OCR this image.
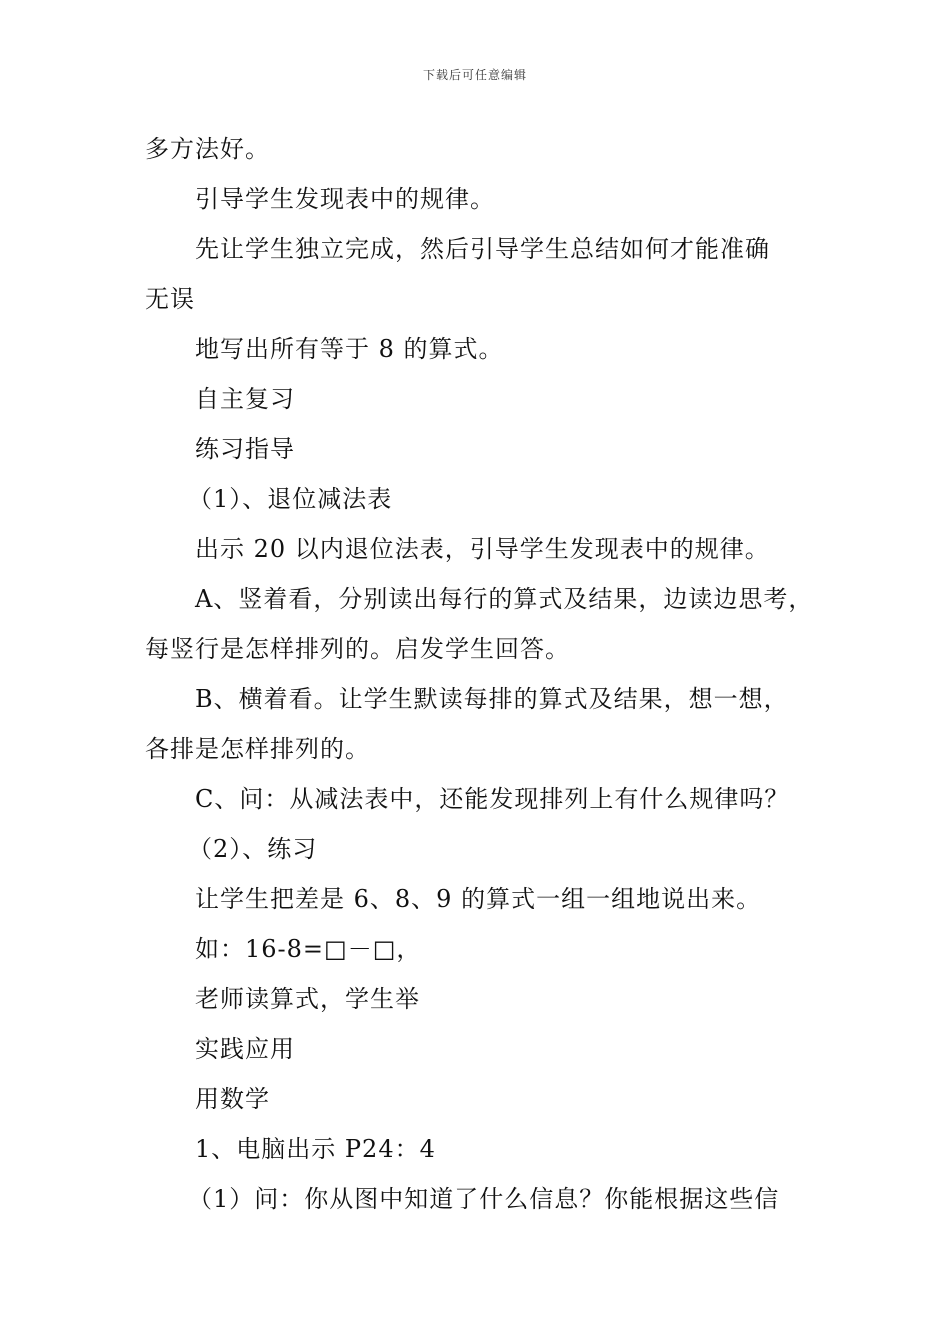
下载后可任意编辑
多方法好。
引导学生发现表中的规律。
先让学生独立完成，然后引导学生总结如何才能准确
无误
地写出所有等于 8 的算式。
自主复习
练习指导
（1）、退位减法表
出示 20 以内退位法表，引导学生发现表中的规律。
A、竖着看，分别读出每行的算式及结果，边读边思考，
每竖行是怎样排列的。启发学生回答。
B、横着看。让学生默读每排的算式及结果，想一想，
各排是怎样排列的。
C、问：从减法表中，还能发现排列上有什么规律吗？
（2）、练习
让学生把差是 6、8、9 的算式一组一组地说出来。
如：16-8=□－□，
老师读算式，学生举
实践应用
用数学
1、电脑出示 P24：4
（1）问：你从图中知道了什么信息？你能根据这些信
